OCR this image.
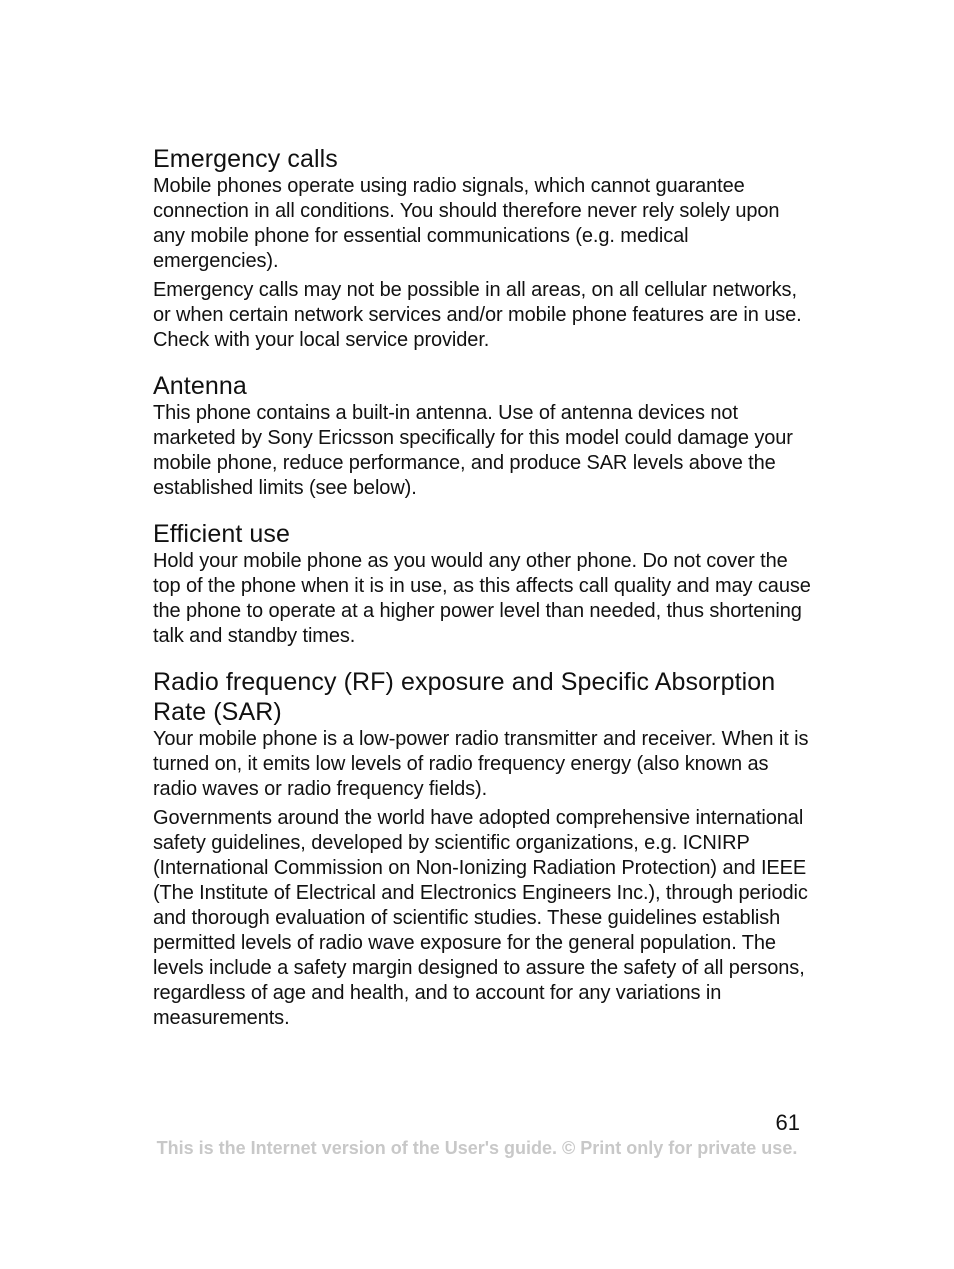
Emergency calls

Mobile phones operate using radio signals, which cannot guarantee connection in all conditions. You should therefore never rely solely upon any mobile phone for essential communications (e.g. medical emergencies).

Emergency calls may not be possible in all areas, on all cellular networks, or when certain network services and/or mobile phone features are in use. Check with your local service provider.

Antenna

This phone contains a built-in antenna. Use of antenna devices not marketed by Sony Ericsson specifically for this model could damage your mobile phone, reduce performance, and produce SAR levels above the established limits (see below).

Efficient use

Hold your mobile phone as you would any other phone. Do not cover the top of the phone when it is in use, as this affects call quality and may cause the phone to operate at a higher power level than needed, thus shortening talk and standby times.

Radio frequency (RF) exposure and Specific Absorption Rate (SAR)

Your mobile phone is a low-power radio transmitter and receiver. When it is turned on, it emits low levels of radio frequency energy (also known as radio waves or radio frequency fields).

Governments around the world have adopted comprehensive international safety guidelines, developed by scientific organizations, e.g. ICNIRP (International Commission on Non-Ionizing Radiation Protection) and IEEE (The Institute of Electrical and Electronics Engineers Inc.), through periodic and thorough evaluation of scientific studies. These guidelines establish permitted levels of radio wave exposure for the general population. The levels include a safety margin designed to assure the safety of all persons, regardless of age and health, and to account for any variations in measurements.

61
This is the Internet version of the User's guide. © Print only for private use.
